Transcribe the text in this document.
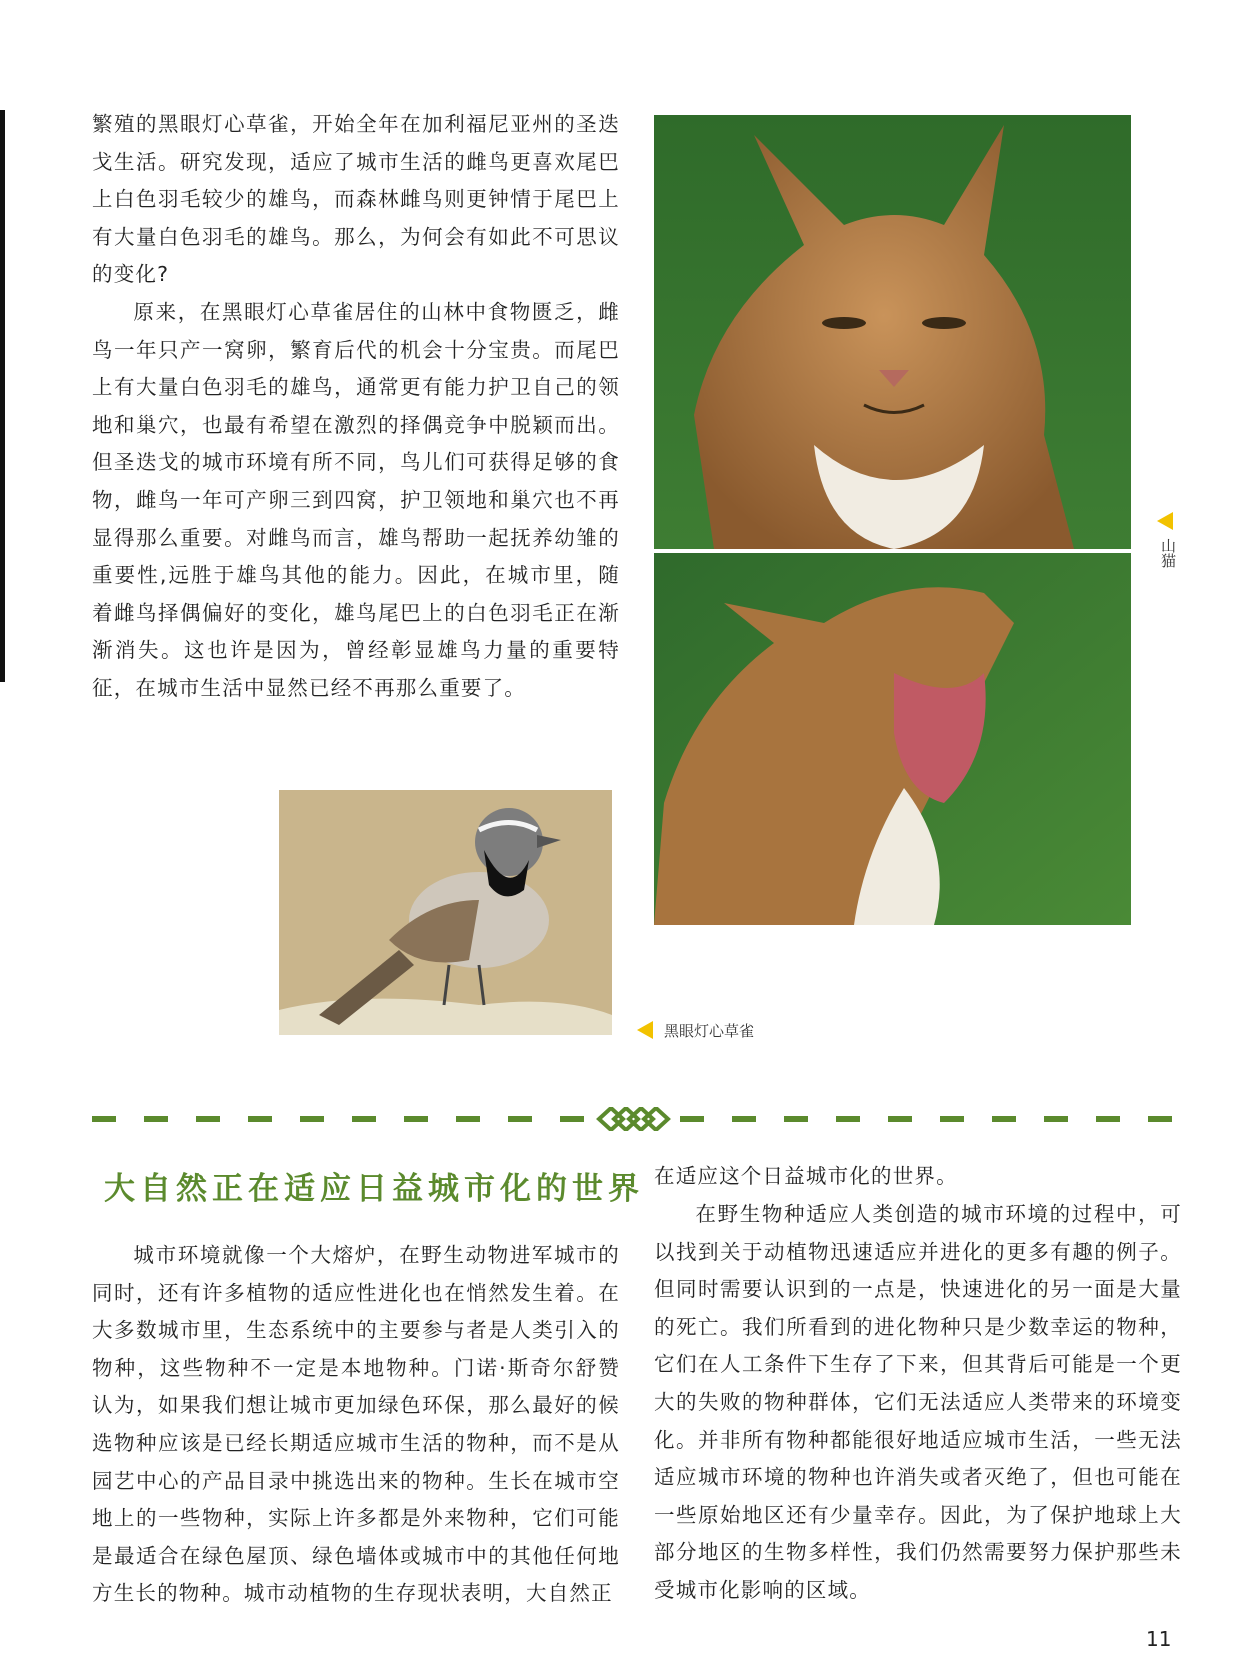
繁殖的黑眼灯心草雀，开始全年在加利福尼亚州的圣迭戈生活。研究发现，适应了城市生活的雌鸟更喜欢尾巴上白色羽毛较少的雄鸟，而森林雌鸟则更钟情于尾巴上有大量白色羽毛的雄鸟。那么，为何会有如此不可思议的变化?

原来，在黑眼灯心草雀居住的山林中食物匮乏，雌鸟一年只产一窝卵，繁育后代的机会十分宝贵。而尾巴上有大量白色羽毛的雄鸟，通常更有能力护卫自己的领地和巢穴，也最有希望在激烈的择偶竞争中脱颖而出。但圣迭戈的城市环境有所不同，鸟儿们可获得足够的食物，雌鸟一年可产卵三到四窝，护卫领地和巢穴也不再显得那么重要。对雌鸟而言，雄鸟帮助一起抚养幼雏的重要性,远胜于雄鸟其他的能力。因此，在城市里，随着雌鸟择偶偏好的变化，雄鸟尾巴上的白色羽毛正在渐渐消失。这也许是因为，曾经彰显雄鸟力量的重要特征，在城市生活中显然已经不再那么重要了。

山猫
黑眼灯心草雀
大自然正在适应日益城市化的世界

城市环境就像一个大熔炉，在野生动物进军城市的同时，还有许多植物的适应性进化也在悄然发生着。在大多数城市里，生态系统中的主要参与者是人类引入的物种，这些物种不一定是本地物种。门诺·斯奇尔舒赞认为，如果我们想让城市更加绿色环保，那么最好的候选物种应该是已经长期适应城市生活的物种，而不是从园艺中心的产品目录中挑选出来的物种。生长在城市空地上的一些物种，实际上许多都是外来物种，它们可能是最适合在绿色屋顶、绿色墙体或城市中的其他任何地方生长的物种。城市动植物的生存现状表明，大自然正

在适应这个日益城市化的世界。

在野生物种适应人类创造的城市环境的过程中，可以找到关于动植物迅速适应并进化的更多有趣的例子。但同时需要认识到的一点是，快速进化的另一面是大量的死亡。我们所看到的进化物种只是少数幸运的物种，它们在人工条件下生存了下来，但其背后可能是一个更大的失败的物种群体，它们无法适应人类带来的环境变化。并非所有物种都能很好地适应城市生活，一些无法适应城市环境的物种也许消失或者灭绝了，但也可能在一些原始地区还有少量幸存。因此，为了保护地球上大部分地区的生物多样性，我们仍然需要努力保护那些未受城市化影响的区域。

11
